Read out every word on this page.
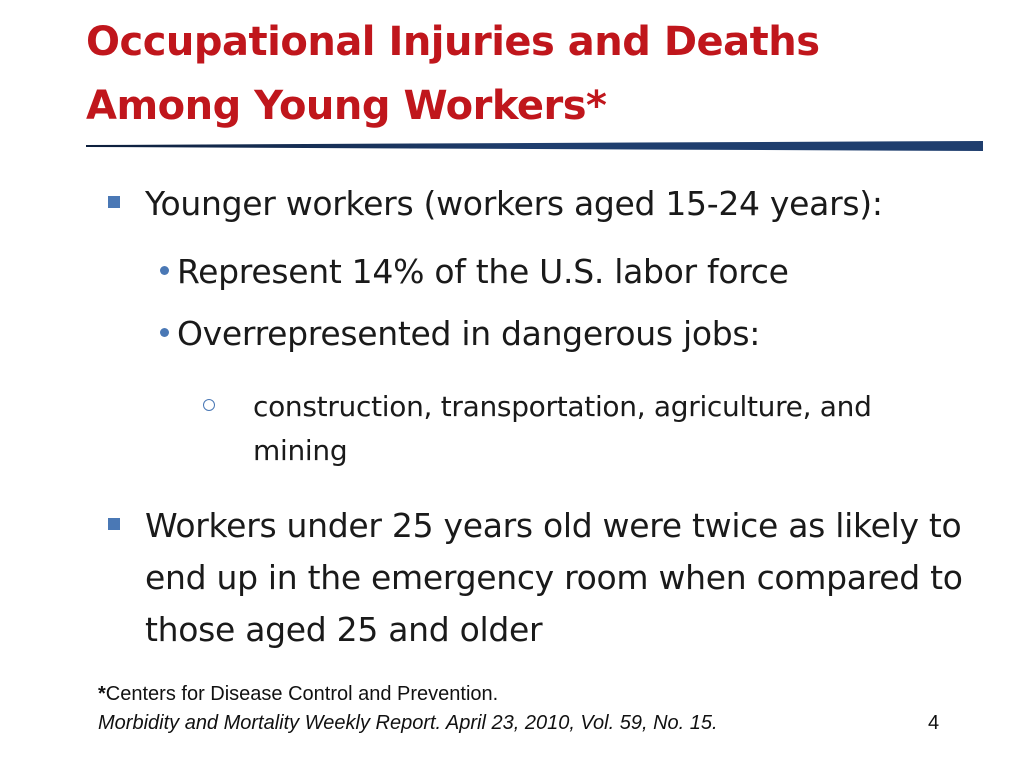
Occupational Injuries and Deaths Among Young Workers*
Younger workers (workers aged 15-24 years):
Represent 14% of the U.S. labor force
Overrepresented in dangerous jobs:
construction, transportation, agriculture, and mining
Workers under 25 years old were twice as likely to end up in the emergency room when compared to those aged 25 and older
*Centers for Disease Control and Prevention.
Morbidity and Mortality Weekly Report. April 23, 2010, Vol. 59, No. 15.	4
